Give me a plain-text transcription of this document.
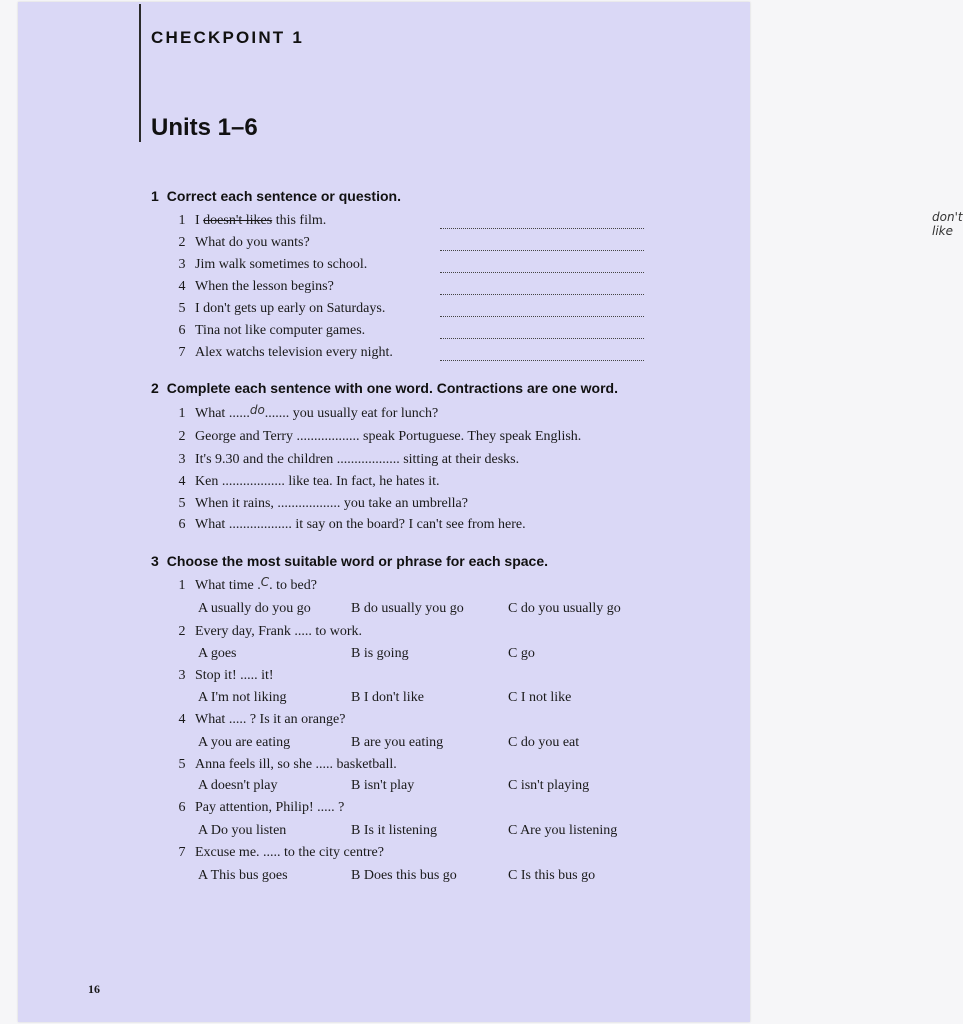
CHECKPOINT 1
Units 1–6
1 Correct each sentence or question.
1 I doesn't likes this film.	don't like
2 What do you wants?
3 Jim walk sometimes to school.
4 When the lesson begins?
5 I don't gets up early on Saturdays.
6 Tina not like computer games.
7 Alex watchs television every night.
2 Complete each sentence with one word. Contractions are one word.
1 What ......do....... you usually eat for lunch?
2 George and Terry .................. speak Portuguese. They speak English.
3 It's 9.30 and the children .................. sitting at their desks.
4 Ken .................. like tea. In fact, he hates it.
5 When it rains, .................. you take an umbrella?
6 What .................. it say on the board? I can't see from here.
3 Choose the most suitable word or phrase for each space.
1 What time .C. to bed?
A usually do you go	B do usually you go	C do you usually go
2 Every day, Frank ..... to work.
A goes	B is going	C go
3 Stop it! ..... it!
A I'm not liking	B I don't like	C I not like
4 What ..... ? Is it an orange?
A you are eating	B are you eating	C do you eat
5 Anna feels ill, so she ..... basketball.
A doesn't play	B isn't play	C isn't playing
6 Pay attention, Philip! ..... ?
A Do you listen	B Is it listening	C Are you listening
7 Excuse me. ..... to the city centre?
A This bus goes	B Does this bus go	C Is this bus go
16
